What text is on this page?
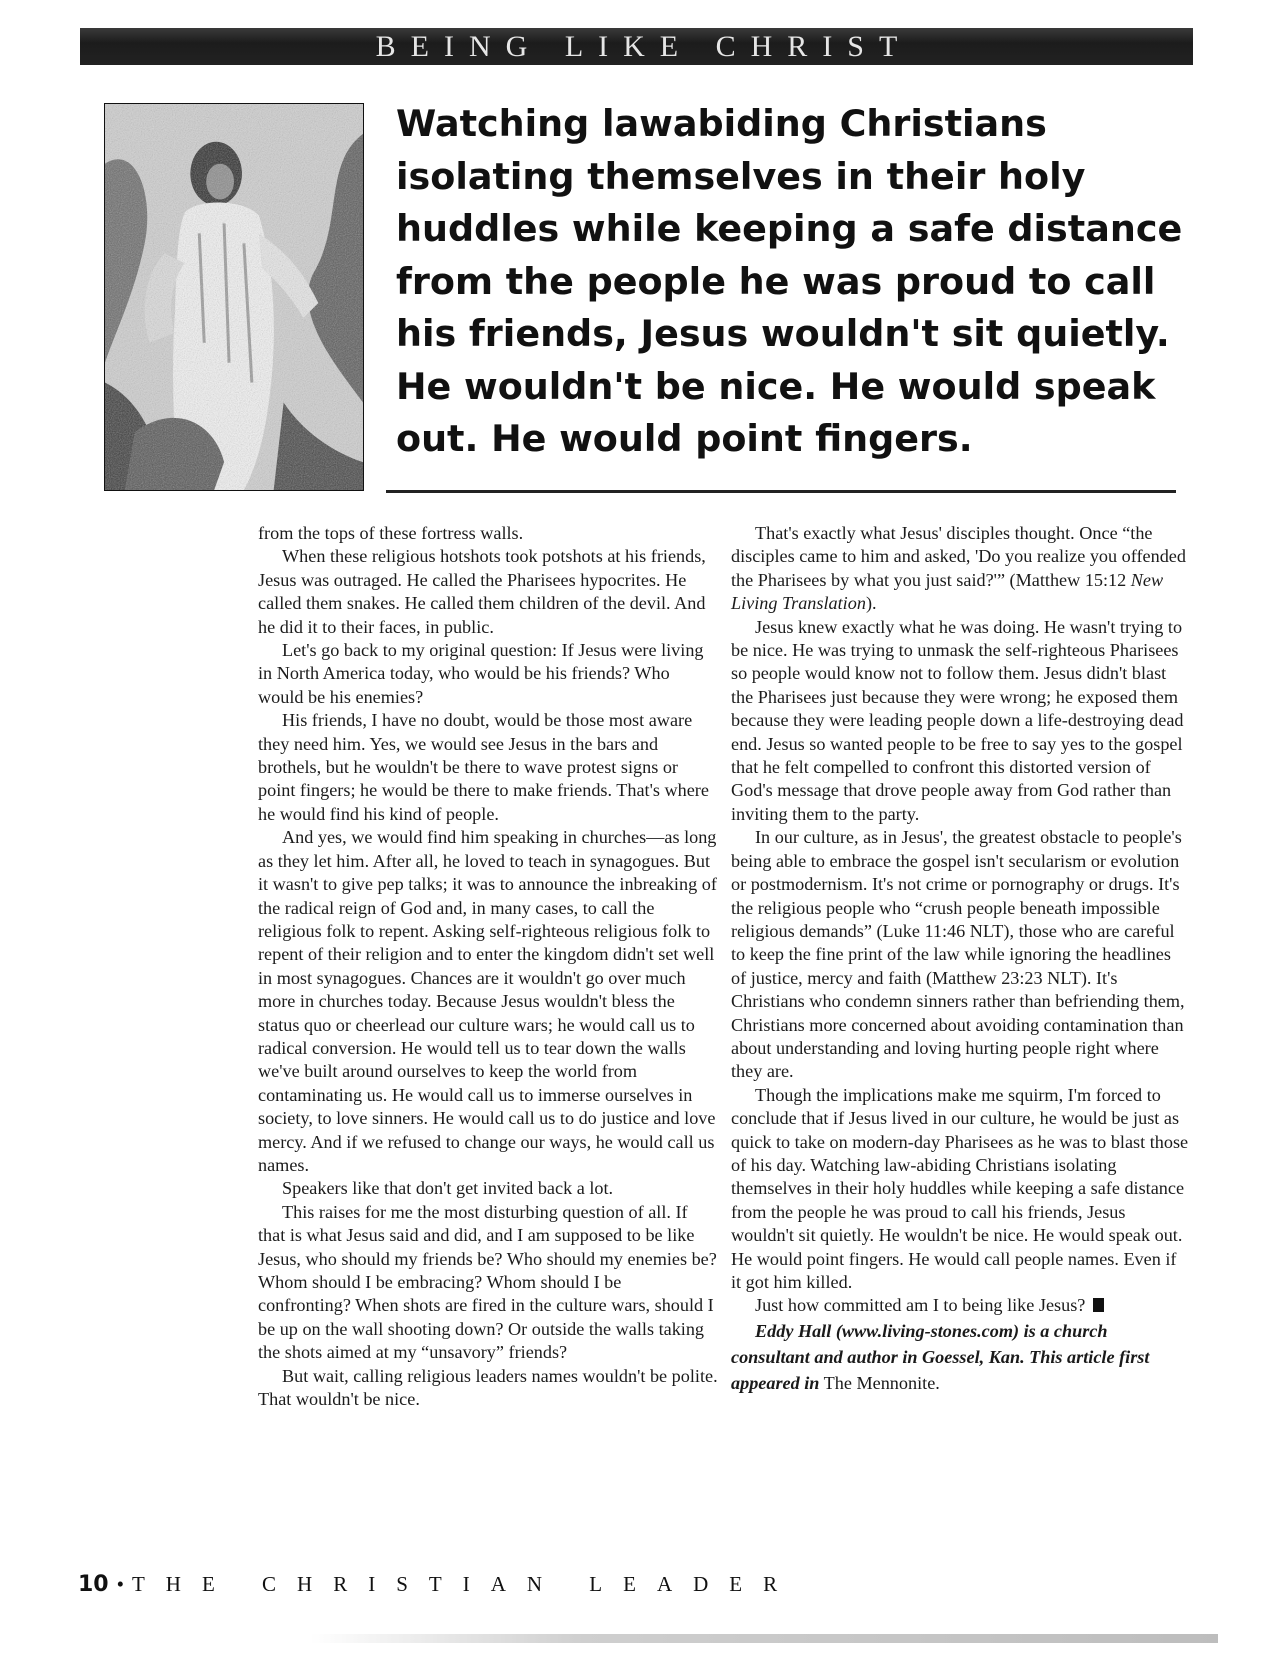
BEING LIKE CHRIST

Watching lawabiding Christians isolating themselves in their holy huddles while keeping a safe distance from the people he was proud to call his friends, Jesus wouldn't sit quietly. He wouldn't be nice. He would speak out. He would point fingers.

from the tops of these fortress walls.

When these religious hotshots took potshots at his friends, Jesus was outraged. He called the Pharisees hypocrites. He called them snakes. He called them children of the devil. And he did it to their faces, in public.

Let's go back to my original question: If Jesus were living in North America today, who would be his friends? Who would be his enemies?

His friends, I have no doubt, would be those most aware they need him. Yes, we would see Jesus in the bars and brothels, but he wouldn't be there to wave protest signs or point fingers; he would be there to make friends. That's where he would find his kind of people.

And yes, we would find him speaking in churches—as long as they let him. After all, he loved to teach in synagogues. But it wasn't to give pep talks; it was to announce the inbreaking of the radical reign of God and, in many cases, to call the religious folk to repent. Asking self-righteous religious folk to repent of their religion and to enter the kingdom didn't set well in most synagogues. Chances are it wouldn't go over much more in churches today. Because Jesus wouldn't bless the status quo or cheerlead our culture wars; he would call us to radical conversion. He would tell us to tear down the walls we've built around ourselves to keep the world from contaminating us. He would call us to immerse ourselves in society, to love sinners. He would call us to do justice and love mercy. And if we refused to change our ways, he would call us names.

Speakers like that don't get invited back a lot.

This raises for me the most disturbing question of all. If that is what Jesus said and did, and I am supposed to be like Jesus, who should my friends be? Who should my enemies be? Whom should I be embracing? Whom should I be confronting? When shots are fired in the culture wars, should I be up on the wall shooting down? Or outside the walls taking the shots aimed at my “unsavory” friends?

But wait, calling religious leaders names wouldn't be polite. That wouldn't be nice.

That's exactly what Jesus' disciples thought. Once “the disciples came to him and asked, 'Do you realize you offended the Pharisees by what you just said?'” (Matthew 15:12 New Living Translation).

Jesus knew exactly what he was doing. He wasn't trying to be nice. He was trying to unmask the self-righteous Pharisees so people would know not to follow them. Jesus didn't blast the Pharisees just because they were wrong; he exposed them because they were leading people down a life-destroying dead end. Jesus so wanted people to be free to say yes to the gospel that he felt compelled to confront this distorted version of God's message that drove people away from God rather than inviting them to the party.

In our culture, as in Jesus', the greatest obstacle to people's being able to embrace the gospel isn't secularism or evolution or postmodernism. It's not crime or pornography or drugs. It's the religious people who “crush people beneath impossible religious demands” (Luke 11:46 NLT), those who are careful to keep the fine print of the law while ignoring the headlines of justice, mercy and faith (Matthew 23:23 NLT). It's Christians who condemn sinners rather than befriending them, Christians more concerned about avoiding contamination than about understanding and loving hurting people right where they are.

Though the implications make me squirm, I'm forced to conclude that if Jesus lived in our culture, he would be just as quick to take on modern-day Pharisees as he was to blast those of his day. Watching law-abiding Christians isolating themselves in their holy huddles while keeping a safe distance from the people he was proud to call his friends, Jesus wouldn't sit quietly. He wouldn't be nice. He would speak out. He would point fingers. He would call people names. Even if it got him killed.

Just how committed am I to being like Jesus?

Eddy Hall (www.living-stones.com) is a church consultant and author in Goessel, Kan. This article first appeared in The Mennonite.

10 • THE CHRISTIAN LEADER
